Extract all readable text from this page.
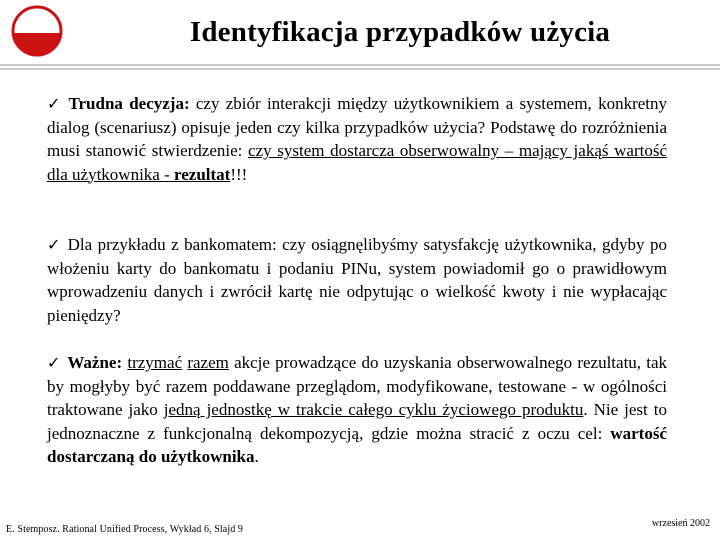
Identyfikacja przypadków użycia
✓ Trudna decyzja: czy zbiór interakcji między użytkownikiem a systemem, konkretny dialog (scenariusz) opisuje jeden czy kilka przypadków użycia? Podstawę do rozróżnienia musi stanowić stwierdzenie: czy system dostarcza obserwowalny – mający jakąś wartość dla użytkownika - rezultat!!!
✓ Dla przykładu z bankomatem: czy osiągnęlibyśmy satysfakcję użytkownika, gdyby po włożeniu karty do bankomatu i podaniu PINu, system powiadomił go o prawidłowym wprowadzeniu danych i zwrócił kartę nie odpytując o wielkość kwoty i nie wypłacając pieniędzy?
✓ Ważne: trzymać razem akcje prowadzące do uzyskania obserwowalnego rezultatu, tak by mogłyby być razem poddawane przeglądom, modyfikowane, testowane - w ogólności traktowane jako jedną jednostkę w trakcie całego cyklu życiowego produktu. Nie jest to jednoznaczne z funkcjonalną dekompozycją, gdzie można stracić z oczu cel: wartość dostarczaną do użytkownika.
E. Stemposz. Rational Unified Process, Wykład 6, Slajd 9
wrzesień 2002
